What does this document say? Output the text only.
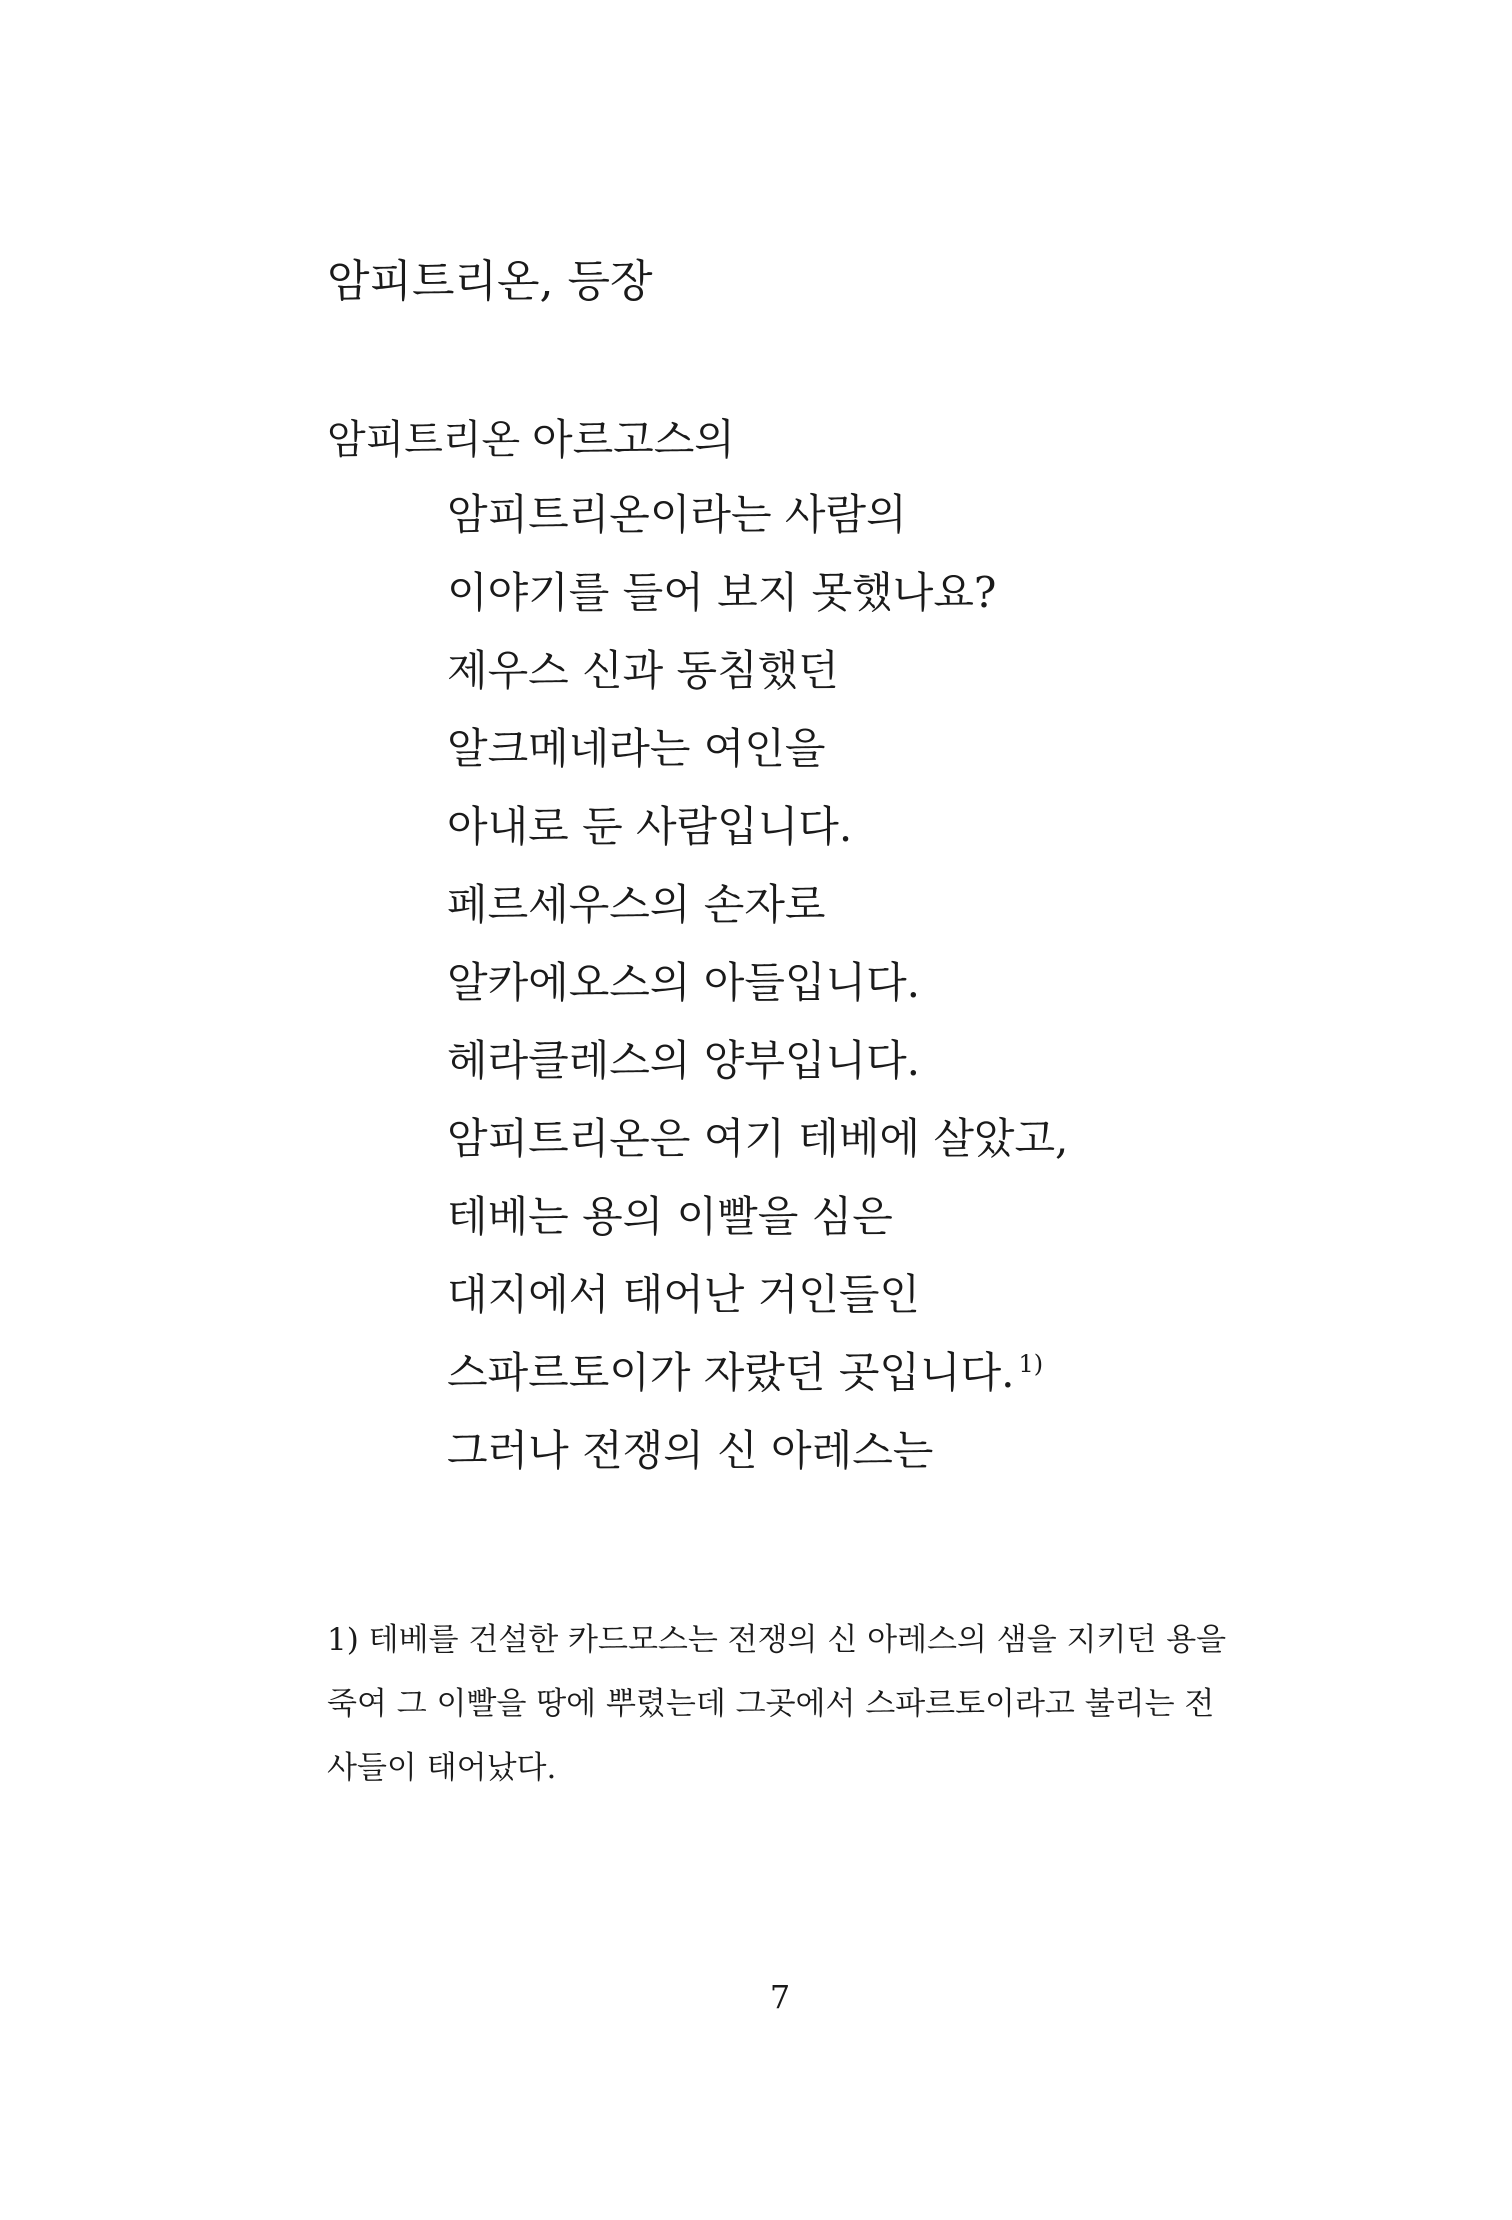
암피트리온, 등장
암피트리온 아르고스의
암피트리온이라는 사람의
이야기를 들어 보지 못했나요?
제우스 신과 동침했던
알크메네라는 여인을
아내로 둔 사람입니다.
페르세우스의 손자로
알카에오스의 아들입니다.
헤라클레스의 양부입니다.
암피트리온은 여기 테베에 살았고,
테베는 용의 이빨을 심은
대지에서 태어난 거인들인
스파르토이가 자랐던 곳입니다. $^{1)}$
그러나 전쟁의 신 아레스는
1) 테베를 건설한 카드모스는 전쟁의 신 아레스의 샘을 지키던 용을
죽여 그 이빨을 땅에 뿌렸는데 그곳에서 스파르토이라고 불리는 전
사들이 태어났다.
7
